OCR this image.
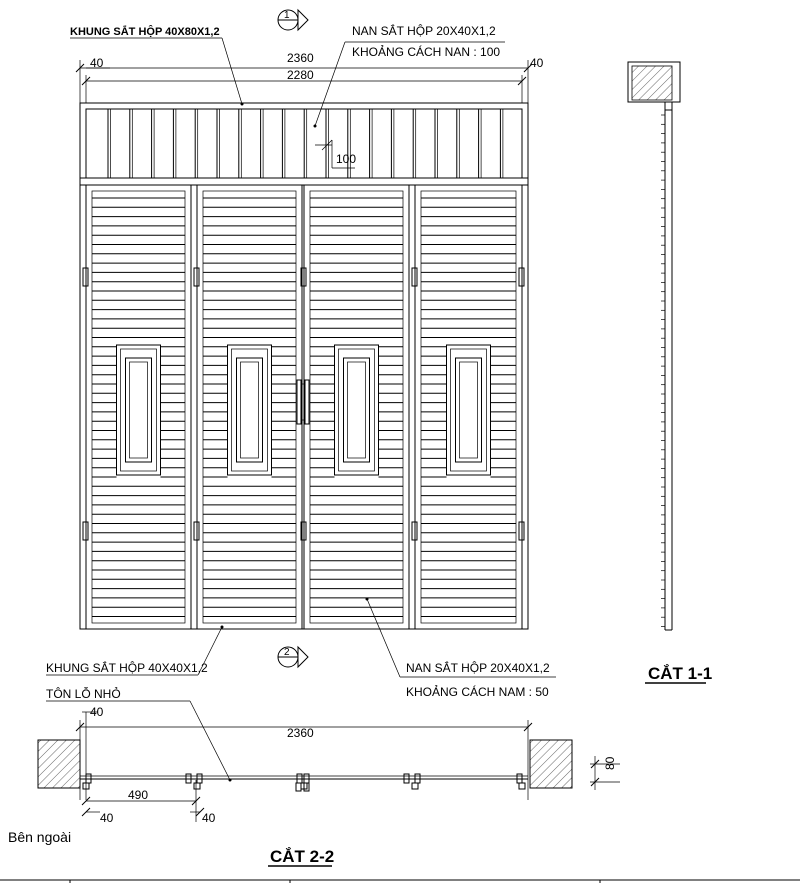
2360
2280
40	40
KHUNG SẮT HỘP 40X80X1,2	NAN SẮT HỘP 20X40X1,2
KHOẢNG CÁCH NAN : 100
100
1
2
KHUNG SẮT HỘP 40X40X1,2
TÔN LỖ NHỎ
NAN SẮT HỘP 20X40X1,2
KHOẢNG CÁCH NAM : 50
CẮT 1-1
2360
40
490
40	40
80
Bên ngoài
CẮT 2-2
